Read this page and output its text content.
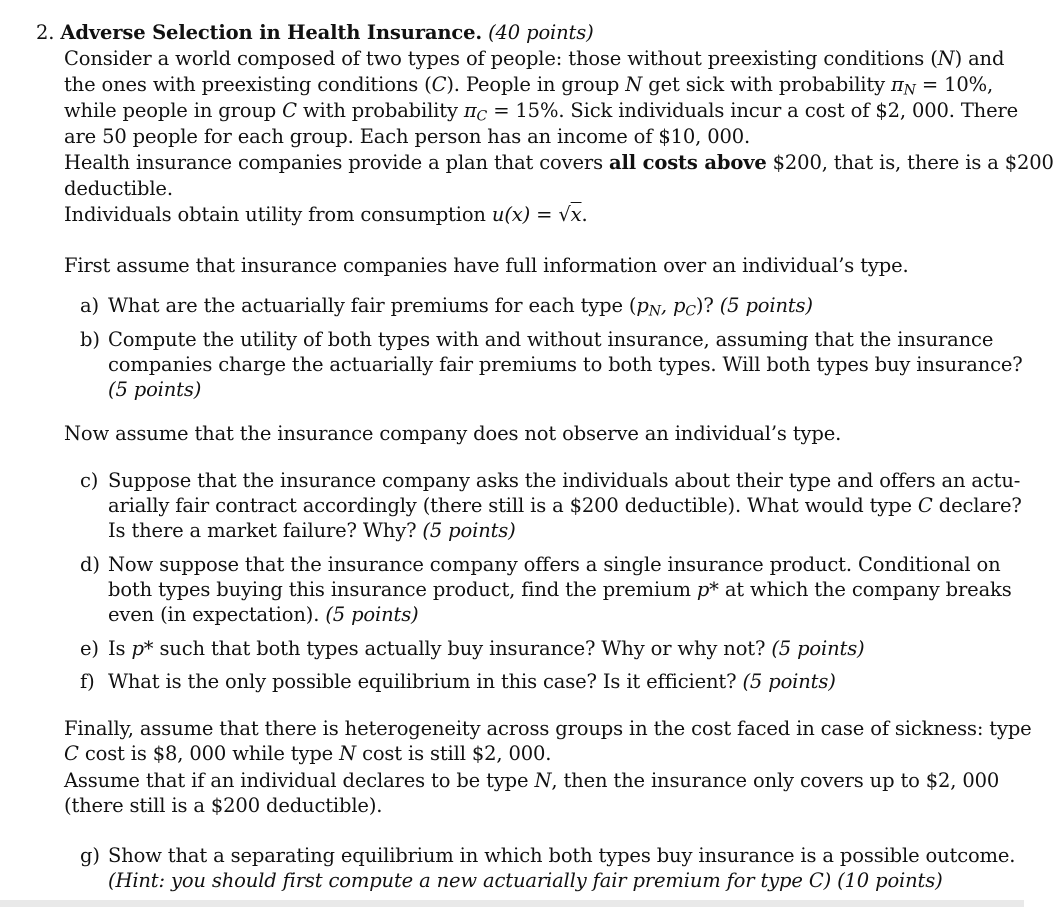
2. Adverse Selection in Health Insurance. (40 points)
Consider a world composed of two types of people: those without preexisting conditions (N) and
the ones with preexisting conditions (C). People in group N get sick with probability πN = 10%,
while people in group C with probability πC = 15%. Sick individuals incur a cost of $2, 000. There
are 50 people for each group. Each person has an income of $10, 000.
Health insurance companies provide a plan that covers all costs above $200, that is, there is a $200
deductible.
Individuals obtain utility from consumption u(x) = √x.
First assume that insurance companies have full information over an individual’s type.
a) What are the actuarially fair premiums for each type (pN, pC)? (5 points)
b) Compute the utility of both types with and without insurance, assuming that the insurance
companies charge the actuarially fair premiums to both types. Will both types buy insurance?
(5 points)
Now assume that the insurance company does not observe an individual’s type.
c) Suppose that the insurance company asks the individuals about their type and offers an actu-
arially fair contract accordingly (there still is a $200 deductible). What would type C declare?
Is there a market failure? Why? (5 points)
d) Now suppose that the insurance company offers a single insurance product. Conditional on
both types buying this insurance product, find the premium p* at which the company breaks
even (in expectation). (5 points)
e) Is p* such that both types actually buy insurance? Why or why not? (5 points)
f) What is the only possible equilibrium in this case? Is it efficient? (5 points)
Finally, assume that there is heterogeneity across groups in the cost faced in case of sickness: type
C cost is $8, 000 while type N cost is still $2, 000.
Assume that if an individual declares to be type N, then the insurance only covers up to $2, 000
(there still is a $200 deductible).
g) Show that a separating equilibrium in which both types buy insurance is a possible outcome.
(Hint: you should first compute a new actuarially fair premium for type C) (10 points)
